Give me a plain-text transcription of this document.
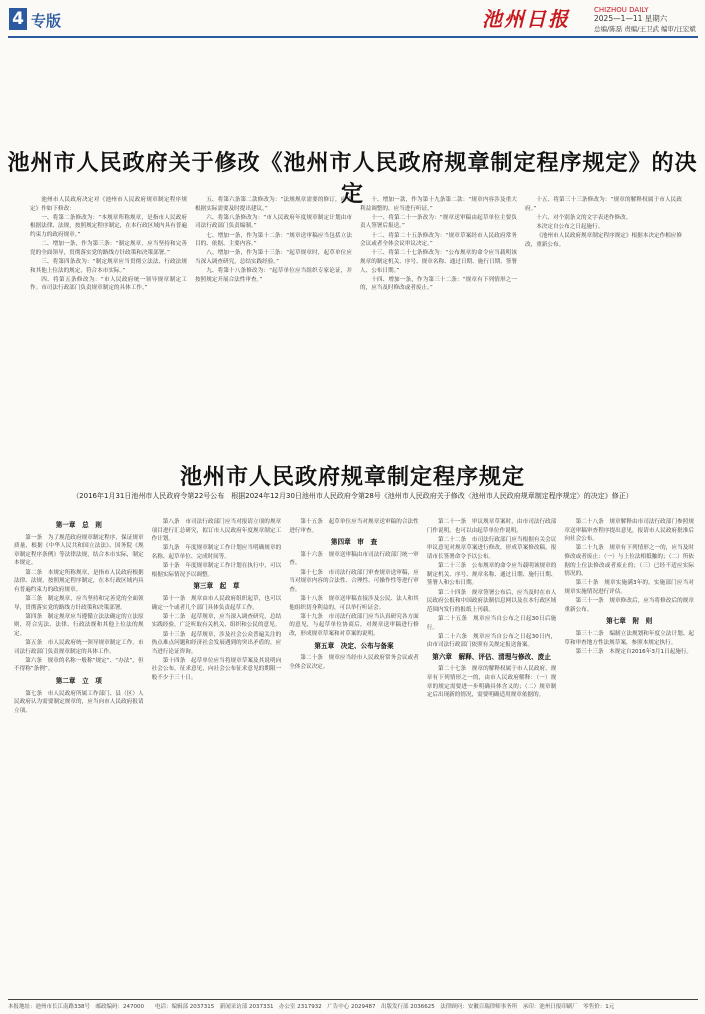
4 专版	池州日报	CHIZHOU DAILY
2025—1—11 星期六
总编/陈磊 责编/王卫武 编审/汪宏斌
池州市人民政府关于修改《池州市人民政府规章制定程序规定》的决定

池州市人民政府决定对《池州市人民政府规章制定程序规定》作如下修改：

一、将第二条修改为：“本规章所称规章，是指市人民政府根据法律、法规，按照规定程序制定，在本行政区域内具有普遍约束力的政府规章。”

二、增加一条，作为第三条：“制定规章，应当坚持和完善党的全面领导，贯彻落实党的路线方针政策和决策部署。”

三、将第四条改为：“制定规章应当贯彻立法法、行政法规和其他上位法的规定，符合本市实际。”

四、将第五条修改为：“市人民政府统一领导规章制定工作。市司法行政部门负责规章制定的具体工作。”

五、将第六条第二款修改为：“法规规章需要的修订，应当根据实际需要及时提出建议。”

六、将第八条修改为：“市人民政府年度规章制定计划由市司法行政部门负责编制。”

七、增加一条，作为第十二条：“规章送审稿应当包括立法目的、依据、主要内容。”

八、增加一条，作为第十三条：“起草规章时，起草单位应当深入调查研究，总结实践经验。”

九、将第十八条修改为：“起草单位应当组织专家论证，并按照规定开展合法性审查。”

十、增加一款，作为第十九条第二款：“规章内容涉及重大利益调整的，应当进行听证。”

十一、将第二十一条改为：“规章送审稿由起草单位主要负责人签署后报送。”

十二、将第二十五条修改为：“规章草案经市人民政府常务会议或者全体会议审议决定。”

十三、将第二十七条修改为：“公布规章的命令应当载明该规章的制定机关、序号、规章名称、通过日期、施行日期、签署人、公布日期。”

十四、增加一条，作为第三十二条：“规章有下列情形之一的，应当及时修改或者废止。”

十五、将第三十三条修改为：“规章的解释权属于市人民政府。”

十六、对个别条文的文字表述作修改。

本决定自公布之日起施行。

《池州市人民政府规章制定程序规定》根据本决定作相应修改，重新公布。

池州市人民政府规章制定程序规定
（2016年1月31日池州市人民政府令第22号公布　根据2024年12月30日池州市人民政府令第28号《池州市人民政府关于修改〈池州市人民政府规章制定程序规定〉的决定》修正）
第一章　总　则

第一条　为了规范政府规章制定程序，保证规章质量，根据《中华人民共和国立法法》、国务院《规章制定程序条例》等法律法规，结合本市实际，制定本规定。

第二条　本规定所称规章，是指市人民政府根据法律、法规，按照规定程序制定，在本行政区域内具有普遍约束力的政府规章。

第三条　制定规章，应当坚持和完善党的全面领导，贯彻落实党的路线方针政策和决策部署。

第四条　制定规章应当遵循立法法确定的立法原则，符合宪法、法律、行政法规和其他上位法的规定。

第五条　市人民政府统一领导规章制定工作。市司法行政部门负责规章制定的具体工作。

第六条　规章的名称一般称“规定”、“办法”，但不得称“条例”。

第二章　立　项

第七条　市人民政府所属工作部门、县（区）人民政府认为需要制定规章的，应当向市人民政府报请立项。

第八条　市司法行政部门应当对报请立项的规章项目进行汇总研究，拟订市人民政府年度规章制定工作计划。

第九条　年度规章制定工作计划应当明确规章的名称、起草单位、完成时间等。

第十条　年度规章制定工作计划在执行中，可以根据实际情况予以调整。

第三章　起　草

第十一条　规章由市人民政府组织起草，也可以确定一个或者几个部门具体负责起草工作。

第十二条　起草规章，应当深入调查研究，总结实践经验，广泛听取有关机关、组织和公民的意见。

第十三条　起草规章，涉及社会公众普遍关注的热点难点问题和经济社会发展遇到的突出矛盾的，应当进行论证咨询。

第十四条　起草单位应当将规章草案及其说明向社会公布，征求意见，向社会公布征求意见的期限一般不少于三十日。

第十五条　起草单位应当对规章送审稿的合法性进行审查。

第四章　审　查

第十六条　规章送审稿由市司法行政部门统一审查。

第十七条　市司法行政部门审查规章送审稿，应当对规章内容的合法性、合理性、可操作性等进行审查。

第十八条　规章送审稿直接涉及公民、法人和其他组织切身利益的，可以举行听证会。

第十九条　市司法行政部门应当认真研究各方面的意见，与起草单位协商后，对规章送审稿进行修改，形成规章草案和对草案的说明。

第五章　决定、公布与备案

第二十条　规章应当经市人民政府常务会议或者全体会议决定。

第二十一条　审议规章草案时，由市司法行政部门作说明，也可以由起草单位作说明。

第二十二条　市司法行政部门应当根据有关会议审议意见对规章草案进行修改，形成草案修改稿，报请市长签署命令予以公布。

第二十三条　公布规章的命令应当载明该规章的制定机关、序号、规章名称、通过日期、施行日期、签署人和公布日期。

第二十四条　规章签署公布后，应当及时在市人民政府公报和中国政府法制信息网以及在本行政区域范围内发行的报纸上刊载。

第二十五条　规章应当自公布之日起30日后施行。

第二十六条　规章应当自公布之日起30日内，由市司法行政部门依照有关规定报送备案。

第六章　解释、评估、清理与修改、废止

第二十七条　规章的解释权属于市人民政府。规章有下列情形之一的，由市人民政府解释：（一）规章的规定需要进一步明确具体含义的；（二）规章制定后出现新的情况，需要明确适用规章依据的。

第二十八条　规章解释由市司法行政部门参照规章送审稿审查程序提出意见，报请市人民政府批准后向社会公布。

第二十九条　规章有下列情形之一的，应当及时修改或者废止：（一）与上位法相抵触的；（二）所依据的上位法修改或者废止的；（三）已经不适应实际情况的。

第三十条　规章实施满3年的，实施部门应当对规章实施情况进行评估。

第三十一条　规章修改后，应当将修改后的规章重新公布。

第七章　附　则

第三十二条　编制立法规划和年度立法计划、起草和审查地方性法规草案，参照本规定执行。

第三十三条　本规定自2016年3月1日起施行。

本报地址：池州市长江南路338号　邮政编码：247000　　电话：编辑部 2037315　新闻采访部 2037331　办公室 2317932　广告中心 2029487　出版发行部 2036625　法律顾问：安徽百瑞律师事务所　承印：池州日报印刷厂　零售价：1元
